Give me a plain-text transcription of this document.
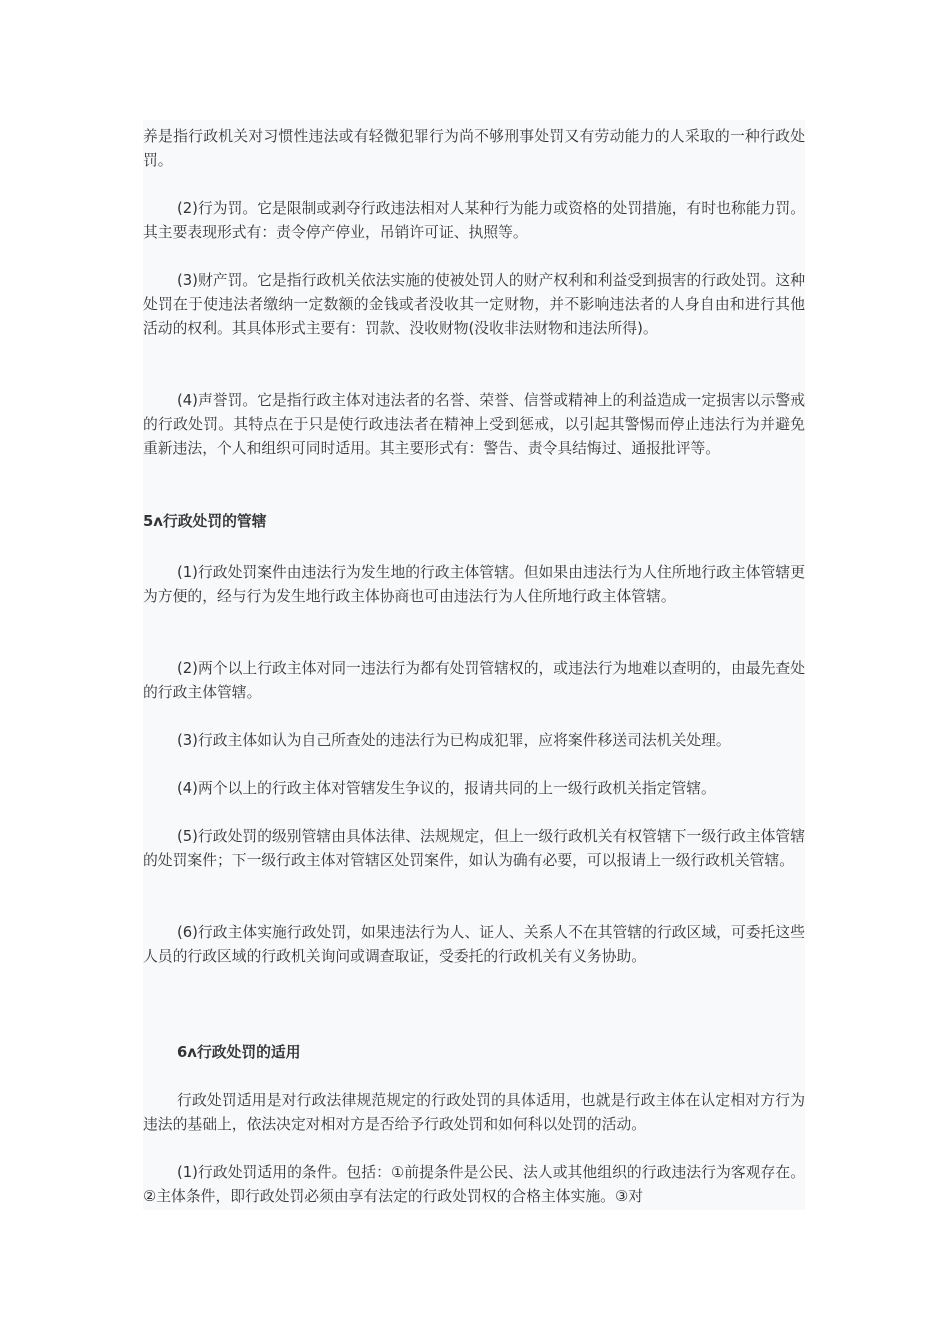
养是指行政机关对习惯性违法或有轻微犯罪行为尚不够刑事处罚又有劳动能力的人采取的一种行政处罚。

(2)行为罚。它是限制或剥夺行政违法相对人某种行为能力或资格的处罚措施，有时也称能力罚。其主要表现形式有：责令停产停业，吊销许可证、执照等。

(3)财产罚。它是指行政机关依法实施的使被处罚人的财产权利和利益受到损害的行政处罚。这种处罚在于使违法者缴纳一定数额的金钱或者没收其一定财物，并不影响违法者的人身自由和进行其他活动的权利。其具体形式主要有：罚款、没收财物(没收非法财物和违法所得)。

(4)声誉罚。它是指行政主体对违法者的名誉、荣誉、信誉或精神上的利益造成一定损害以示警戒的行政处罚。其特点在于只是使行政违法者在精神上受到惩戒，以引起其警惕而停止违法行为并避免重新违法，个人和组织可同时适用。其主要形式有：警告、责令具结悔过、通报批评等。

5ʌ行政处罚的管辖

(1)行政处罚案件由违法行为发生地的行政主体管辖。但如果由违法行为人住所地行政主体管辖更为方便的，经与行为发生地行政主体协商也可由违法行为人住所地行政主体管辖。

(2)两个以上行政主体对同一违法行为都有处罚管辖权的，或违法行为地难以查明的，由最先查处的行政主体管辖。

(3)行政主体如认为自己所查处的违法行为已构成犯罪，应将案件移送司法机关处理。

(4)两个以上的行政主体对管辖发生争议的，报请共同的上一级行政机关指定管辖。

(5)行政处罚的级别管辖由具体法律、法规规定，但上一级行政机关有权管辖下一级行政主体管辖的处罚案件；下一级行政主体对管辖区处罚案件，如认为确有必要，可以报请上一级行政机关管辖。

(6)行政主体实施行政处罚，如果违法行为人、证人、关系人不在其管辖的行政区域，可委托这些人员的行政区域的行政机关询问或调查取证，受委托的行政机关有义务协助。

6ʌ行政处罚的适用

行政处罚适用是对行政法律规范规定的行政处罚的具体适用，也就是行政主体在认定相对方行为违法的基础上，依法决定对相对方是否给予行政处罚和如何科以处罚的活动。

(1)行政处罚适用的条件。包括：①前提条件是公民、法人或其他组织的行政违法行为客观存在。②主体条件，即行政处罚必须由享有法定的行政处罚权的合格主体实施。③对
